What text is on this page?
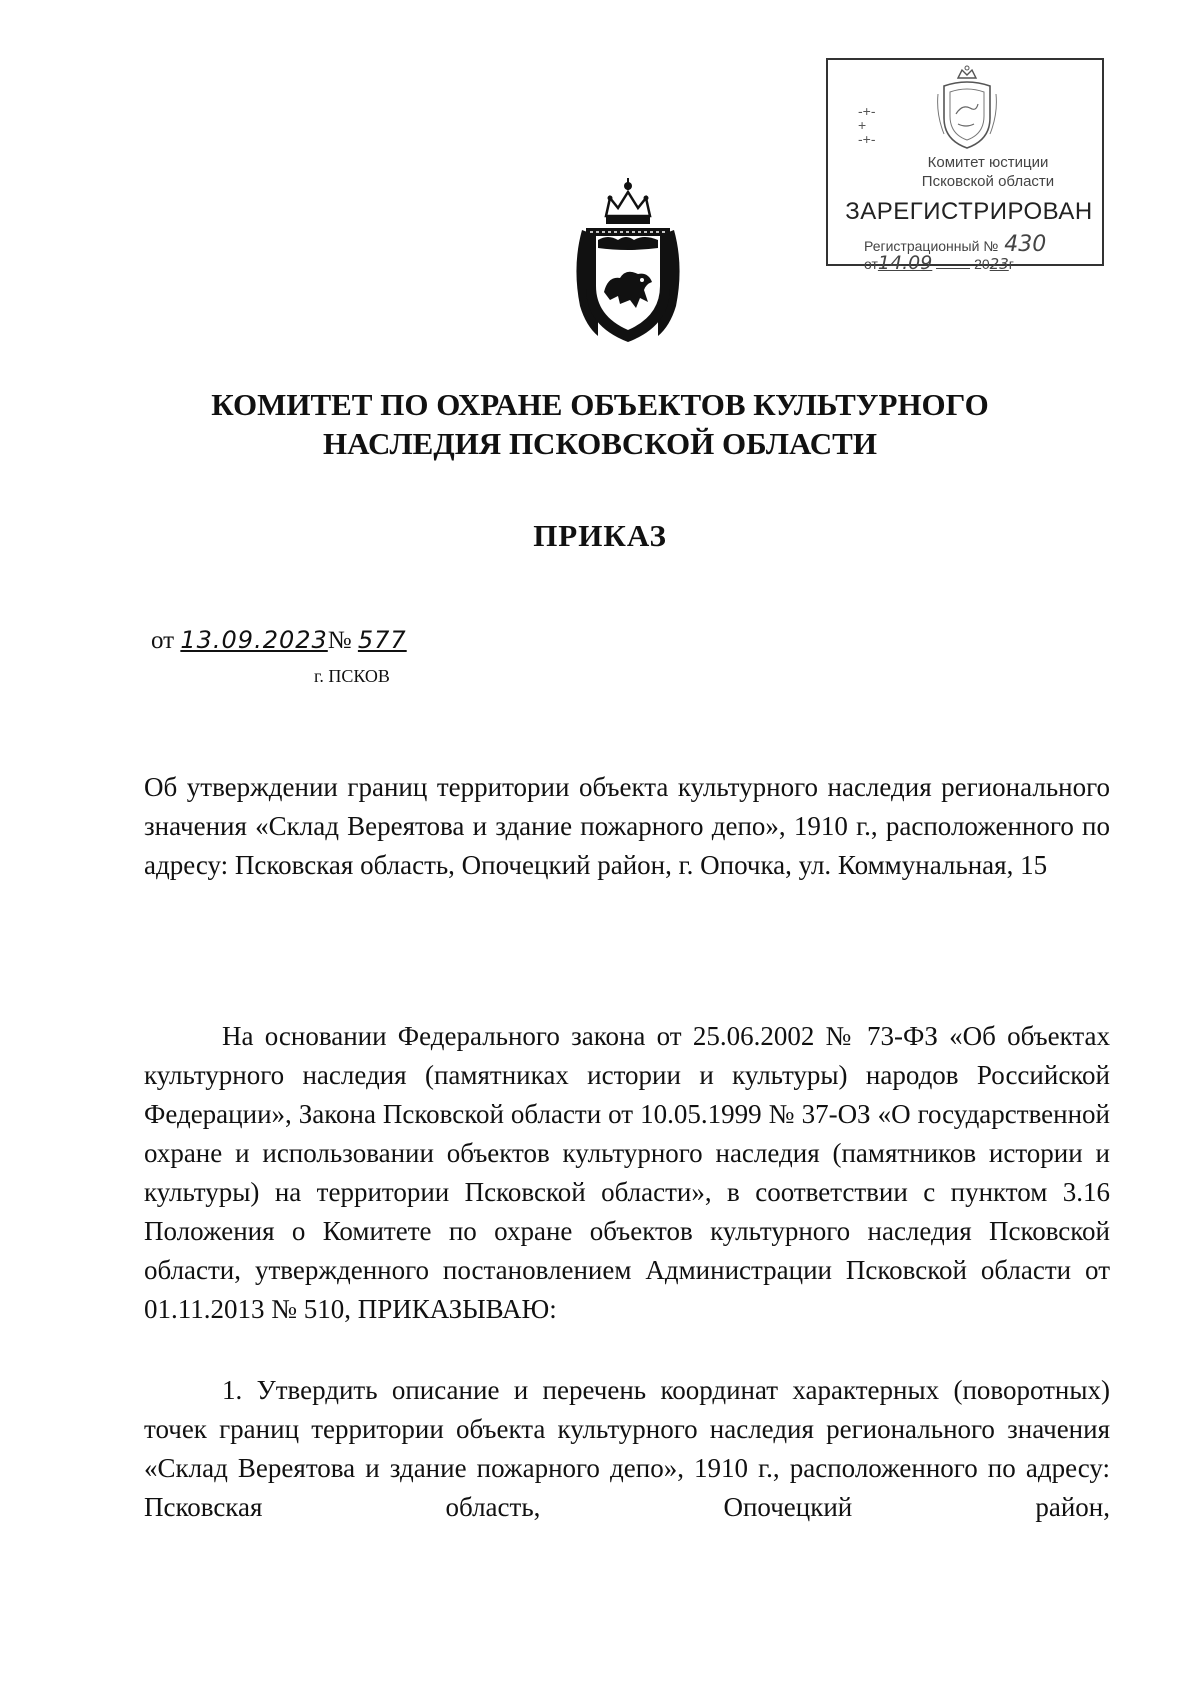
-+-
+
-+-
Комитет юстиции
Псковской области
ЗАРЕГИСТРИРОВАН
Регистрационный № 430
от14.09	2023г
КОМИТЕТ ПО ОХРАНЕ ОБЪЕКТОВ КУЛЬТУРНОГО НАСЛЕДИЯ ПСКОВСКОЙ ОБЛАСТИ
ПРИКАЗ
от 13.09.2023№ 577
г. ПСКОВ
Об утверждении границ территории объекта культурного наследия регионального значения «Склад Вереятова и здание пожарного депо», 1910 г., расположенного по адресу: Псковская область, Опочецкий район, г. Опочка, ул. Коммунальная, 15
На основании Федерального закона от 25.06.2002 № 73-ФЗ «Об объектах культурного наследия (памятниках истории и культуры) народов Российской Федерации», Закона Псковской области от 10.05.1999 № 37-ОЗ «О государственной охране и использовании объектов культурного наследия (памятников истории и культуры) на территории Псковской области», в соответствии с пунктом 3.16 Положения о Комитете по охране объектов культурного наследия Псковской области, утвержденного постановлением Администрации Псковской области от 01.11.2013 № 510, ПРИКАЗЫВАЮ:
1. Утвердить описание и перечень координат характерных (поворотных) точек границ территории объекта культурного наследия регионального значения «Склад Вереятова и здание пожарного депо», 1910 г., расположенного по адресу: Псковская область, Опочецкий район,
